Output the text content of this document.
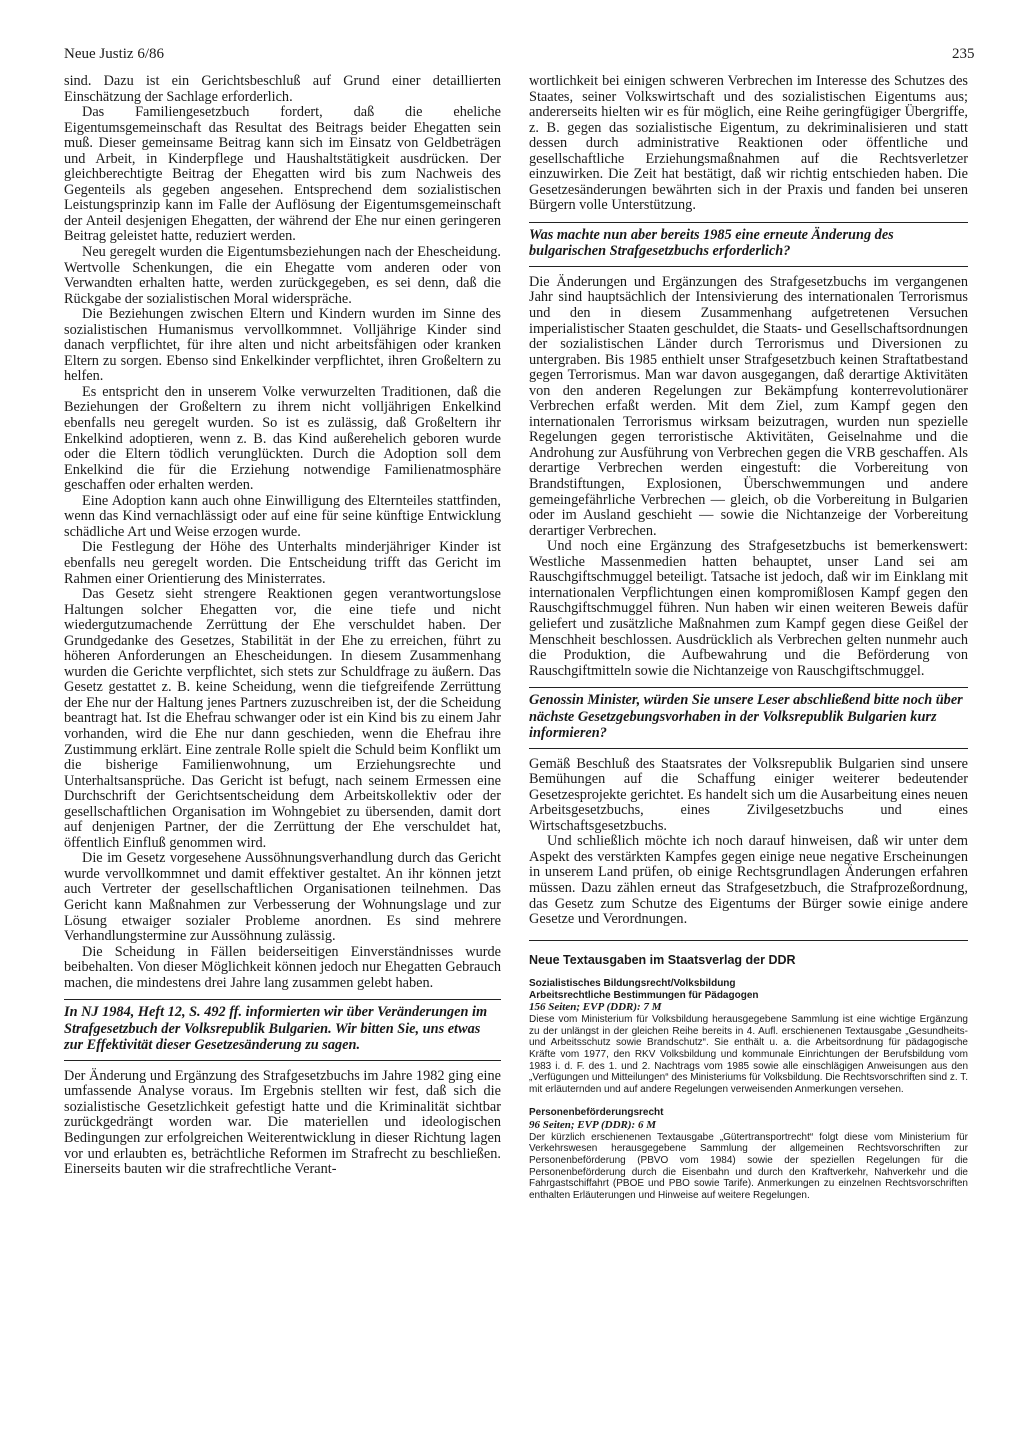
Neue Justiz 6/86	235

sind. Dazu ist ein Gerichtsbeschluß auf Grund einer detaillierten Einschätzung der Sachlage erforderlich.

Das Familiengesetzbuch fordert, daß die eheliche Eigentumsgemeinschaft das Resultat des Beitrags beider Ehegatten sein muß. Dieser gemeinsame Beitrag kann sich im Einsatz von Geldbeträgen und Arbeit, in Kinderpflege und Haushaltstätigkeit ausdrücken. Der gleichberechtigte Beitrag der Ehegatten wird bis zum Nachweis des Gegenteils als gegeben angesehen. Entsprechend dem sozialistischen Leistungsprinzip kann im Falle der Auflösung der Eigentumsgemeinschaft der Anteil desjenigen Ehegatten, der während der Ehe nur einen geringeren Beitrag geleistet hatte, reduziert werden.

Neu geregelt wurden die Eigentumsbeziehungen nach der Ehescheidung. Wertvolle Schenkungen, die ein Ehegatte vom anderen oder von Verwandten erhalten hatte, werden zurückgegeben, es sei denn, daß die Rückgabe der sozialistischen Moral widerspräche.

Die Beziehungen zwischen Eltern und Kindern wurden im Sinne des sozialistischen Humanismus vervollkommnet. Volljährige Kinder sind danach verpflichtet, für ihre alten und nicht arbeitsfähigen oder kranken Eltern zu sorgen. Ebenso sind Enkelkinder verpflichtet, ihren Großeltern zu helfen.

Es entspricht den in unserem Volke verwurzelten Traditionen, daß die Beziehungen der Großeltern zu ihrem nicht volljährigen Enkelkind ebenfalls neu geregelt wurden. So ist es zulässig, daß Großeltern ihr Enkelkind adoptieren, wenn z. B. das Kind außerehelich geboren wurde oder die Eltern tödlich verunglückten. Durch die Adoption soll dem Enkelkind die für die Erziehung notwendige Familienatmosphäre geschaffen oder erhalten werden.

Eine Adoption kann auch ohne Einwilligung des Elternteiles stattfinden, wenn das Kind vernachlässigt oder auf eine für seine künftige Entwicklung schädliche Art und Weise erzogen wurde.

Die Festlegung der Höhe des Unterhalts minderjähriger Kinder ist ebenfalls neu geregelt worden. Die Entscheidung trifft das Gericht im Rahmen einer Orientierung des Ministerrates.

Das Gesetz sieht strengere Reaktionen gegen verantwortungslose Haltungen solcher Ehegatten vor, die eine tiefe und nicht wiedergutzumachende Zerrüttung der Ehe verschuldet haben. Der Grundgedanke des Gesetzes, Stabilität in der Ehe zu erreichen, führt zu höheren Anforderungen an Ehescheidungen. In diesem Zusammenhang wurden die Gerichte verpflichtet, sich stets zur Schuldfrage zu äußern. Das Gesetz gestattet z. B. keine Scheidung, wenn die tiefgreifende Zerrüttung der Ehe nur der Haltung jenes Partners zuzuschreiben ist, der die Scheidung beantragt hat. Ist die Ehefrau schwanger oder ist ein Kind bis zu einem Jahr vorhanden, wird die Ehe nur dann geschieden, wenn die Ehefrau ihre Zustimmung erklärt. Eine zentrale Rolle spielt die Schuld beim Konflikt um die bisherige Familienwohnung, um Erziehungsrechte und Unterhaltsansprüche. Das Gericht ist befugt, nach seinem Ermessen eine Durchschrift der Gerichtsentscheidung dem Arbeitskollektiv oder der gesellschaftlichen Organisation im Wohngebiet zu übersenden, damit dort auf denjenigen Partner, der die Zerrüttung der Ehe verschuldet hat, öffentlich Einfluß genommen wird.

Die im Gesetz vorgesehene Aussöhnungsverhandlung durch das Gericht wurde vervollkommnet und damit effektiver gestaltet. An ihr können jetzt auch Vertreter der gesellschaftlichen Organisationen teilnehmen. Das Gericht kann Maßnahmen zur Verbesserung der Wohnungslage und zur Lösung etwaiger sozialer Probleme anordnen. Es sind mehrere Verhandlungstermine zur Aussöhnung zulässig.

Die Scheidung in Fällen beiderseitigen Einverständnisses wurde beibehalten. Von dieser Möglichkeit können jedoch nur Ehegatten Gebrauch machen, die mindestens drei Jahre lang zusammen gelebt haben.

In NJ 1984, Heft 12, S. 492 ff. informierten wir über Veränderungen im Strafgesetzbuch der Volksrepublik Bulgarien. Wir bitten Sie, uns etwas zur Effektivität dieser Gesetzesänderung zu sagen.

Der Änderung und Ergänzung des Strafgesetzbuchs im Jahre 1982 ging eine umfassende Analyse voraus. Im Ergebnis stellten wir fest, daß sich die sozialistische Gesetzlichkeit gefestigt hatte und die Kriminalität sichtbar zurückgedrängt worden war. Die materiellen und ideologischen Bedingungen zur erfolgreichen Weiterentwicklung in dieser Richtung lagen vor und erlaubten es, beträchtliche Reformen im Strafrecht zu beschließen. Einerseits bauten wir die strafrechtliche Verant-

wortlichkeit bei einigen schweren Verbrechen im Interesse des Schutzes des Staates, seiner Volkswirtschaft und des sozialistischen Eigentums aus; andererseits hielten wir es für möglich, eine Reihe geringfügiger Übergriffe, z. B. gegen das sozialistische Eigentum, zu dekriminalisieren und statt dessen durch administrative Reaktionen oder öffentliche und gesellschaftliche Erziehungsmaßnahmen auf die Rechtsverletzer einzuwirken. Die Zeit hat bestätigt, daß wir richtig entschieden haben. Die Gesetzesänderungen bewährten sich in der Praxis und fanden bei unseren Bürgern volle Unterstützung.

Was machte nun aber bereits 1985 eine erneute Änderung des bulgarischen Strafgesetzbuchs erforderlich?

Die Änderungen und Ergänzungen des Strafgesetzbuchs im vergangenen Jahr sind hauptsächlich der Intensivierung des internationalen Terrorismus und den in diesem Zusammenhang aufgetretenen Versuchen imperialistischer Staaten geschuldet, die Staats- und Gesellschaftsordnungen der sozialistischen Länder durch Terrorismus und Diversionen zu untergraben. Bis 1985 enthielt unser Strafgesetzbuch keinen Straftatbestand gegen Terrorismus. Man war davon ausgegangen, daß derartige Aktivitäten von den anderen Regelungen zur Bekämpfung konterrevolutionärer Verbrechen erfaßt werden. Mit dem Ziel, zum Kampf gegen den internationalen Terrorismus wirksam beizutragen, wurden nun spezielle Regelungen gegen terroristische Aktivitäten, Geiselnahme und die Androhung zur Ausführung von Verbrechen gegen die VRB geschaffen. Als derartige Verbrechen werden eingestuft: die Vorbereitung von Brandstiftungen, Explosionen, Überschwemmungen und andere gemeingefährliche Verbrechen — gleich, ob die Vorbereitung in Bulgarien oder im Ausland geschieht — sowie die Nichtanzeige der Vorbereitung derartiger Verbrechen.

Und noch eine Ergänzung des Strafgesetzbuchs ist bemerkenswert: Westliche Massenmedien hatten behauptet, unser Land sei am Rauschgiftschmuggel beteiligt. Tatsache ist jedoch, daß wir im Einklang mit internationalen Verpflichtungen einen kompromißlosen Kampf gegen den Rauschgiftschmuggel führen. Nun haben wir einen weiteren Beweis dafür geliefert und zusätzliche Maßnahmen zum Kampf gegen diese Geißel der Menschheit beschlossen. Ausdrücklich als Verbrechen gelten nunmehr auch die Produktion, die Aufbewahrung und die Beförderung von Rauschgiftmitteln sowie die Nichtanzeige von Rauschgiftschmuggel.

Genossin Minister, würden Sie unsere Leser abschließend bitte noch über nächste Gesetzgebungsvorhaben in der Volksrepublik Bulgarien kurz informieren?

Gemäß Beschluß des Staatsrates der Volksrepublik Bulgarien sind unsere Bemühungen auf die Schaffung einiger weiterer bedeutender Gesetzesprojekte gerichtet. Es handelt sich um die Ausarbeitung eines neuen Arbeitsgesetzbuchs, eines Zivilgesetzbuchs und eines Wirtschaftsgesetzbuchs.

Und schließlich möchte ich noch darauf hinweisen, daß wir unter dem Aspekt des verstärkten Kampfes gegen einige neue negative Erscheinungen in unserem Land prüfen, ob einige Rechtsgrundlagen Änderungen erfahren müssen. Dazu zählen erneut das Strafgesetzbuch, die Strafprozeßordnung, das Gesetz zum Schutze des Eigentums der Bürger sowie einige andere Gesetze und Verordnungen.

Neue Textausgaben im Staatsverlag der DDR
Sozialistisches Bildungsrecht/Volksbildung
Arbeitsrechtliche Bestimmungen für Pädagogen
156 Seiten; EVP (DDR): 7 M
Diese vom Ministerium für Volksbildung herausgegebene Sammlung ist eine wichtige Ergänzung zu der unlängst in der gleichen Reihe bereits in 4. Aufl. erschienenen Textausgabe „Gesundheits- und Arbeitsschutz sowie Brandschutz“. Sie enthält u. a. die Arbeitsordnung für pädagogische Kräfte vom 1977, den RKV Volksbildung und kommunale Einrichtungen der Berufsbildung vom 1983 i. d. F. des 1. und 2. Nachtrags vom 1985 sowie alle einschlägigen Anweisungen aus den „Verfügungen und Mitteilungen“ des Ministeriums für Volksbildung. Die Rechtsvorschriften sind z. T. mit erläuternden und auf andere Regelungen verweisenden Anmerkungen versehen.
Personenbeförderungsrecht
96 Seiten; EVP (DDR): 6 M
Der kürzlich erschienenen Textausgabe „Gütertransportrecht“ folgt diese vom Ministerium für Verkehrswesen herausgegebene Sammlung der allgemeinen Rechtsvorschriften zur Personenbeförderung (PBVO vom 1984) sowie der speziellen Regelungen für die Personenbeförderung durch die Eisenbahn und durch den Kraftverkehr, Nahverkehr und die Fahrgastschiffahrt (PBOE und PBO sowie Tarife). Anmerkungen zu einzelnen Rechtsvorschriften enthalten Erläuterungen und Hinweise auf weitere Regelungen.
